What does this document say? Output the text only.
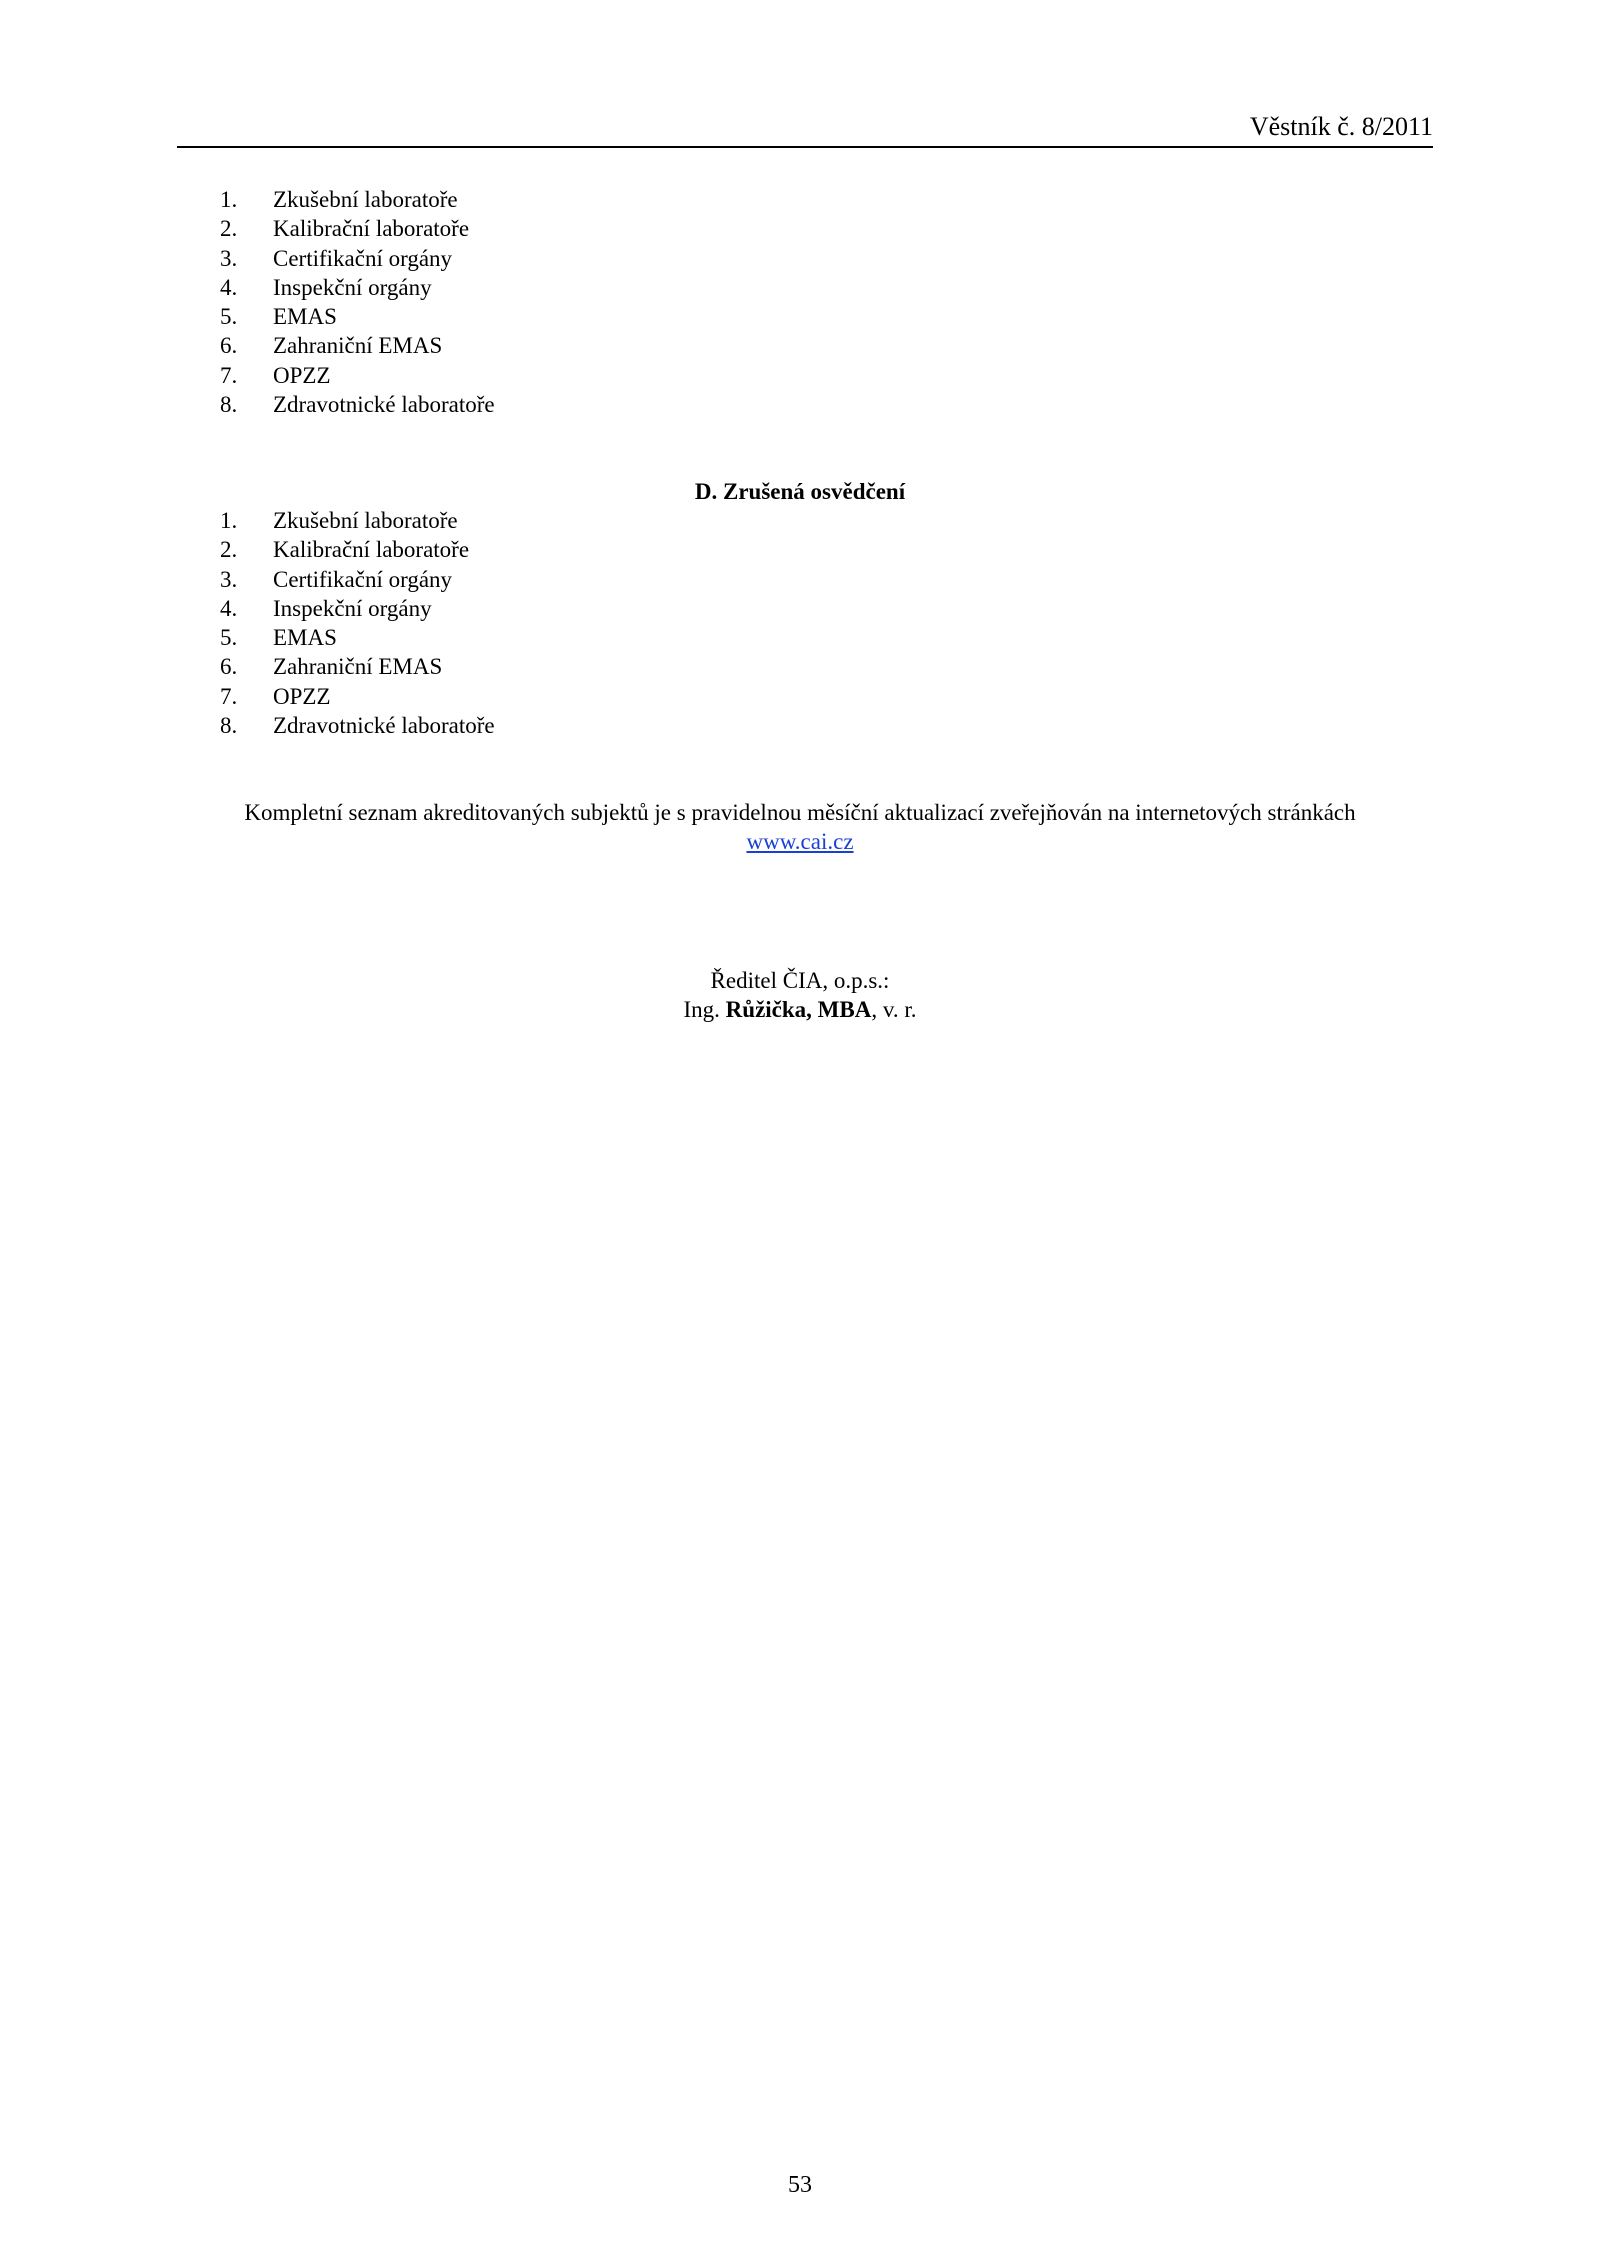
Věstník č. 8/2011
1. Zkušební laboratoře
2. Kalibrační laboratoře
3. Certifikační orgány
4. Inspekční orgány
5. EMAS
6. Zahraniční EMAS
7. OPZZ
8. Zdravotnické laboratoře
D. Zrušená osvědčení
1. Zkušební laboratoře
2. Kalibrační laboratoře
3. Certifikační orgány
4. Inspekční orgány
5. EMAS
6. Zahraniční EMAS
7. OPZZ
8. Zdravotnické laboratoře
Kompletní seznam akreditovaných subjektů je s pravidelnou měsíční aktualizací zveřejňován na internetových stránkách
www.cai.cz
Ředitel ČIA, o.p.s.:
Ing. Růžička, MBA, v. r.
53
